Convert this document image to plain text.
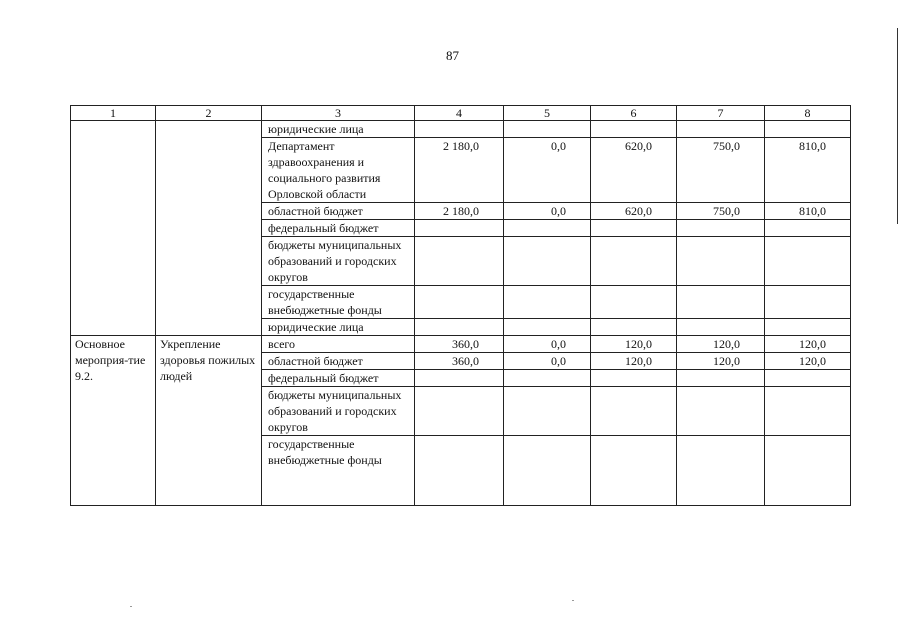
87
1	2	3	4	5	6	7	8
		юридические лица					
		Департамент здравоохранения и социального развития Орловской области	2 180,0	0,0	620,0	750,0	810,0
		областной бюджет	2 180,0	0,0	620,0	750,0	810,0
		федеральный бюджет					
		бюджеты муниципальных образований и городских округов					
		государственные внебюджетные фонды					
		юридические лица					
Основное мероприя-тие 9.2.	Укрепление здоровья пожилых людей	всего	360,0	0,0	120,0	120,0	120,0
		областной бюджет	360,0	0,0	120,0	120,0	120,0
		федеральный бюджет					
		бюджеты муниципальных образований и городских округов					
		государственные внебюджетные фонды					
